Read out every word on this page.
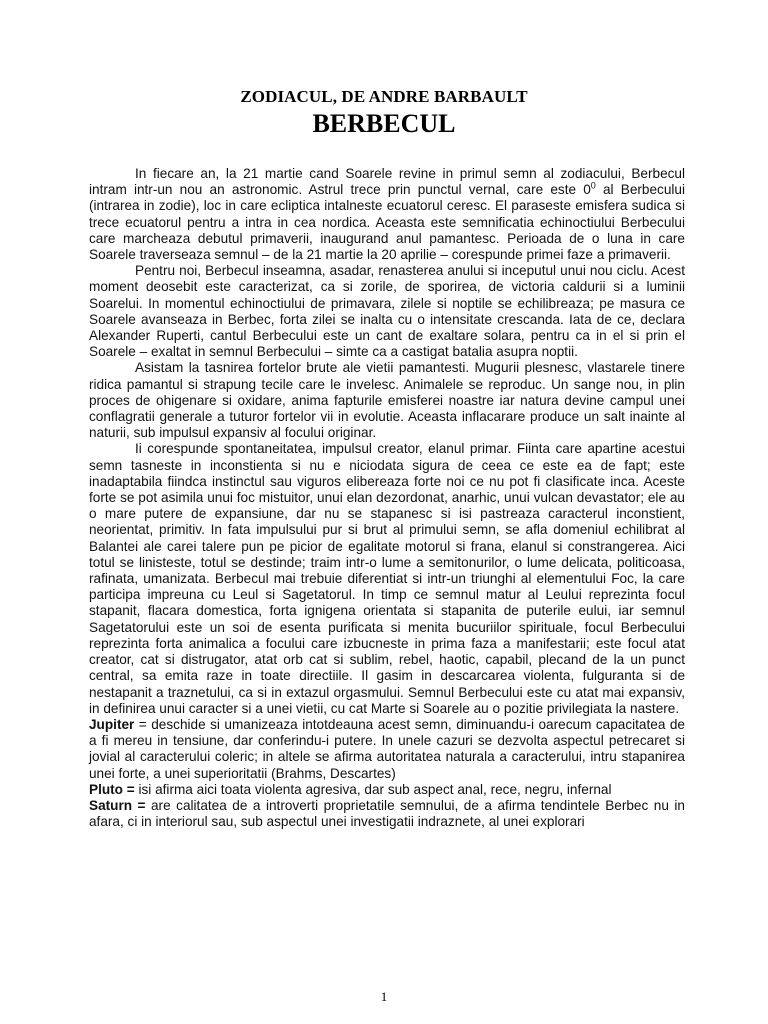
ZODIACUL, DE ANDRE BARBAULT
BERBECUL

In fiecare an, la 21 martie cand Soarele revine in primul semn al zodiacului, Berbecul intram intr-un nou an astronomic. Astrul trece prin punctul vernal, care este $0^0$ al Berbecului (intrarea in zodie), loc in care ecliptica intalneste ecuatorul ceresc. El paraseste emisfera sudica si trece ecuatorul pentru a intra in cea nordica. Aceasta este semnificatia echinoctiului Berbecului care marcheaza debutul primaverii, inaugurand anul pamantesc. Perioada de o luna in care Soarele traverseaza semnul – de la 21 martie la 20 aprilie – corespunde primei faze a primaverii.

Pentru noi, Berbecul inseamna, asadar, renasterea anului si inceputul unui nou ciclu. Acest moment deosebit este caracterizat, ca si zorile, de sporirea, de victoria caldurii si a luminii Soarelui. In momentul echinoctiului de primavara, zilele si noptile se echilibreaza; pe masura ce Soarele avanseaza in Berbec, forta zilei se inalta cu o intensitate crescanda. Iata de ce, declara Alexander Ruperti, cantul Berbecului este un cant de exaltare solara, pentru ca in el si prin el Soarele – exaltat in semnul Berbecului – simte ca a castigat batalia asupra noptii.

Asistam la tasnirea fortelor brute ale vietii pamantesti. Mugurii plesnesc, vlastarele tinere ridica pamantul si strapung tecile care le invelesc. Animalele se reproduc. Un sange nou, in plin proces de ohigenare si oxidare, anima fapturile emisferei noastre iar natura devine campul unei conflagratii generale a tuturor fortelor vii in evolutie. Aceasta inflacarare produce un salt inainte al naturii, sub impulsul expansiv al focului originar.

Ii corespunde spontaneitatea, impulsul creator, elanul primar. Fiinta care apartine acestui semn tasneste in inconstienta si nu e niciodata sigura de ceea ce este ea de fapt; este inadaptabila fiindca instinctul sau viguros elibereaza forte noi ce nu pot fi clasificate inca. Aceste forte se pot asimila unui foc mistuitor, unui elan dezordonat, anarhic, unui vulcan devastator; ele au o mare putere de expansiune, dar nu se stapanesc si isi pastreaza caracterul inconstient, neorientat, primitiv. In fata impulsului pur si brut al primului semn, se afla domeniul echilibrat al Balantei ale carei talere pun pe picior de egalitate motorul si frana, elanul si constrangerea. Aici totul se linisteste, totul se destinde; traim intr-o lume a semitonurilor, o lume delicata, politicoasa, rafinata, umanizata. Berbecul mai trebuie diferentiat si intr-un triunghi al elementului Foc, la care participa impreuna cu Leul si Sagetatorul. In timp ce semnul matur al Leului reprezinta focul stapanit, flacara domestica, forta ignigena orientata si stapanita de puterile eului, iar semnul Sagetatorului este un soi de esenta purificata si menita bucuriilor spirituale, focul Berbecului reprezinta forta animalica a focului care izbucneste in prima faza a manifestarii; este focul atat creator, cat si distrugator, atat orb cat si sublim, rebel, haotic, capabil, plecand de la un punct central, sa emita raze in toate directiile. Il gasim in descarcarea violenta, fulguranta si de nestapanit a traznetului, ca si in extazul orgasmului. Semnul Berbecului este cu atat mai expansiv, in definirea unui caracter si a unei vietii, cu cat Marte si Soarele au o pozitie privilegiata la nastere.

Jupiter = deschide si umanizeaza intotdeauna acest semn, diminuandu-i oarecum capacitatea de a fi mereu in tensiune, dar conferindu-i putere. In unele cazuri se dezvolta aspectul petrecaret si jovial al caracterului coleric; in altele se afirma autoritatea naturala a caracterului, intru stapanirea unei forte, a unei superioritatii (Brahms, Descartes)

Pluto = isi afirma aici toata violenta agresiva, dar sub aspect anal, rece, negru, infernal

Saturn = are calitatea de a introverti proprietatile semnului, de a afirma tendintele Berbec nu in afara, ci in interiorul sau, sub aspectul unei investigatii indraznete, al unei explorari

1
